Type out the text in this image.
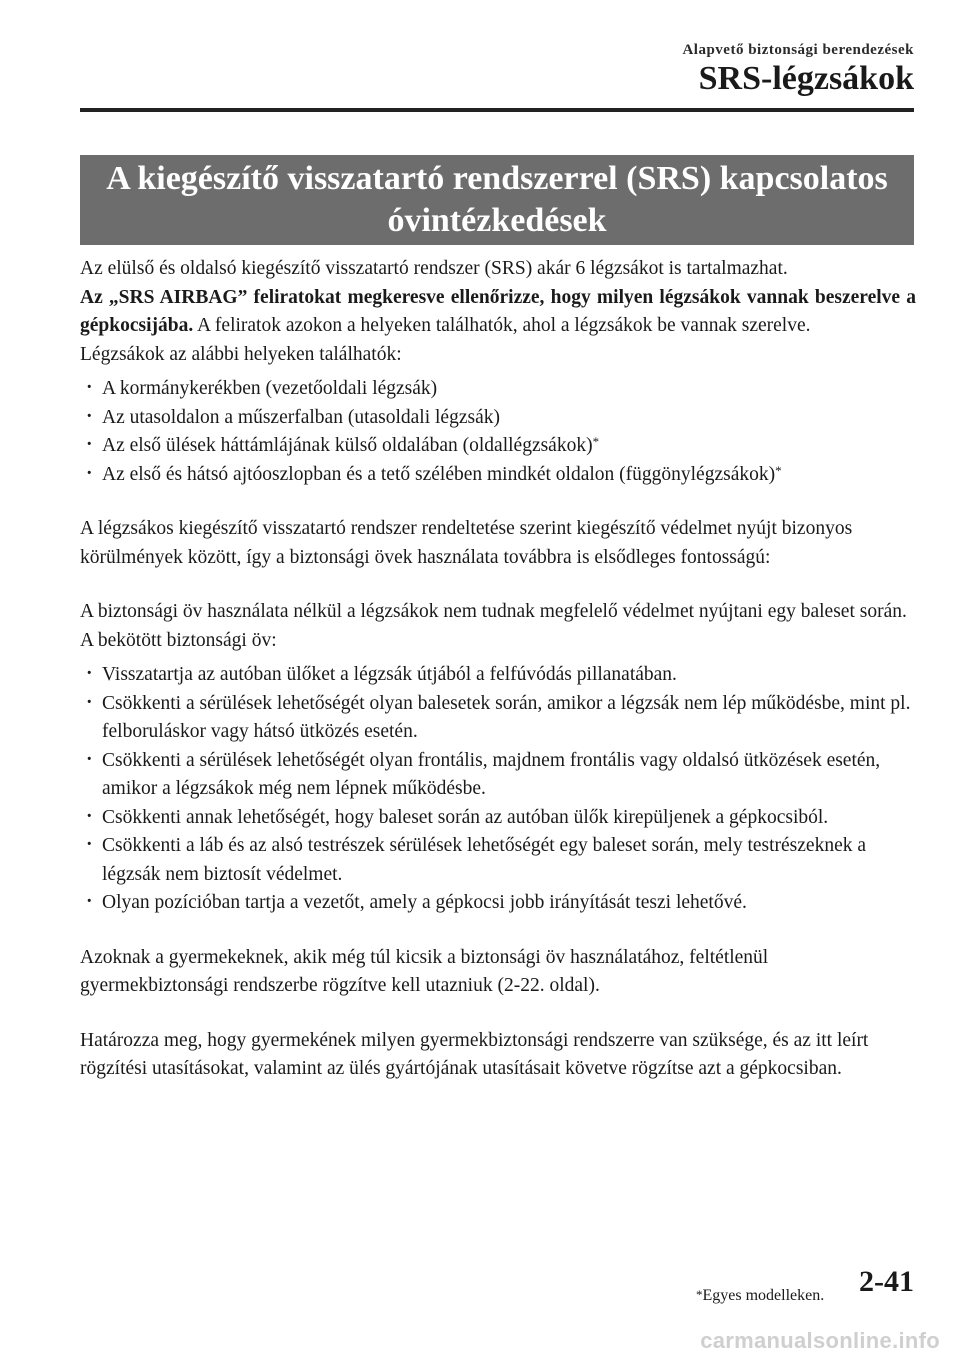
Alapvető biztonsági berendezések
SRS-légzsákok
A kiegészítő visszatartó rendszerrel (SRS) kapcsolatos óvintézkedések

Az elülső és oldalsó kiegészítő visszatartó rendszer (SRS) akár 6 légzsákot is tartalmazhat.
Az „SRS AIRBAG” feliratokat megkeresve ellenőrizze, hogy milyen légzsákok vannak beszerelve a gépkocsijába. A feliratok azokon a helyeken találhatók, ahol a légzsákok be vannak szerelve.
Légzsákok az alábbi helyeken találhatók:

· A kormánykerékben (vezetőoldali légzsák)
· Az utasoldalon a műszerfalban (utasoldali légzsák)
· Az első ülések háttámlájának külső oldalában (oldallégzsákok)*
· Az első és hátsó ajtóoszlopban és a tető szélében mindkét oldalon (függönylégzsákok)*

A légzsákos kiegészítő visszatartó rendszer rendeltetése szerint kiegészítő védelmet nyújt bizonyos körülmények között, így a biztonsági övek használata továbbra is elsődleges fontosságú:

A biztonsági öv használata nélkül a légzsákok nem tudnak megfelelő védelmet nyújtani egy baleset során. A bekötött biztonsági öv:

· Visszatartja az autóban ülőket a légzsák útjából a felfúvódás pillanatában.
· Csökkenti a sérülések lehetőségét olyan balesetek során, amikor a légzsák nem lép működésbe, mint pl. felboruláskor vagy hátsó ütközés esetén.
· Csökkenti a sérülések lehetőségét olyan frontális, majdnem frontális vagy oldalsó ütközések esetén, amikor a légzsákok még nem lépnek működésbe.
· Csökkenti annak lehetőségét, hogy baleset során az autóban ülők kirepüljenek a gépkocsiból.
· Csökkenti a láb és az alsó testrészek sérülések lehetőségét egy baleset során, mely testrészeknek a légzsák nem biztosít védelmet.
· Olyan pozícióban tartja a vezetőt, amely a gépkocsi jobb irányítását teszi lehetővé.

Azoknak a gyermekeknek, akik még túl kicsik a biztonsági öv használatához, feltétlenül gyermekbiztonsági rendszerbe rögzítve kell utazniuk (2-22. oldal).

Határozza meg, hogy gyermekének milyen gyermekbiztonsági rendszerre van szüksége, és az itt leírt rögzítési utasításokat, valamint az ülés gyártójának utasításait követve rögzítse azt a gépkocsiban.

*Egyes modelleken. 2-41
carmanualsonline.info
